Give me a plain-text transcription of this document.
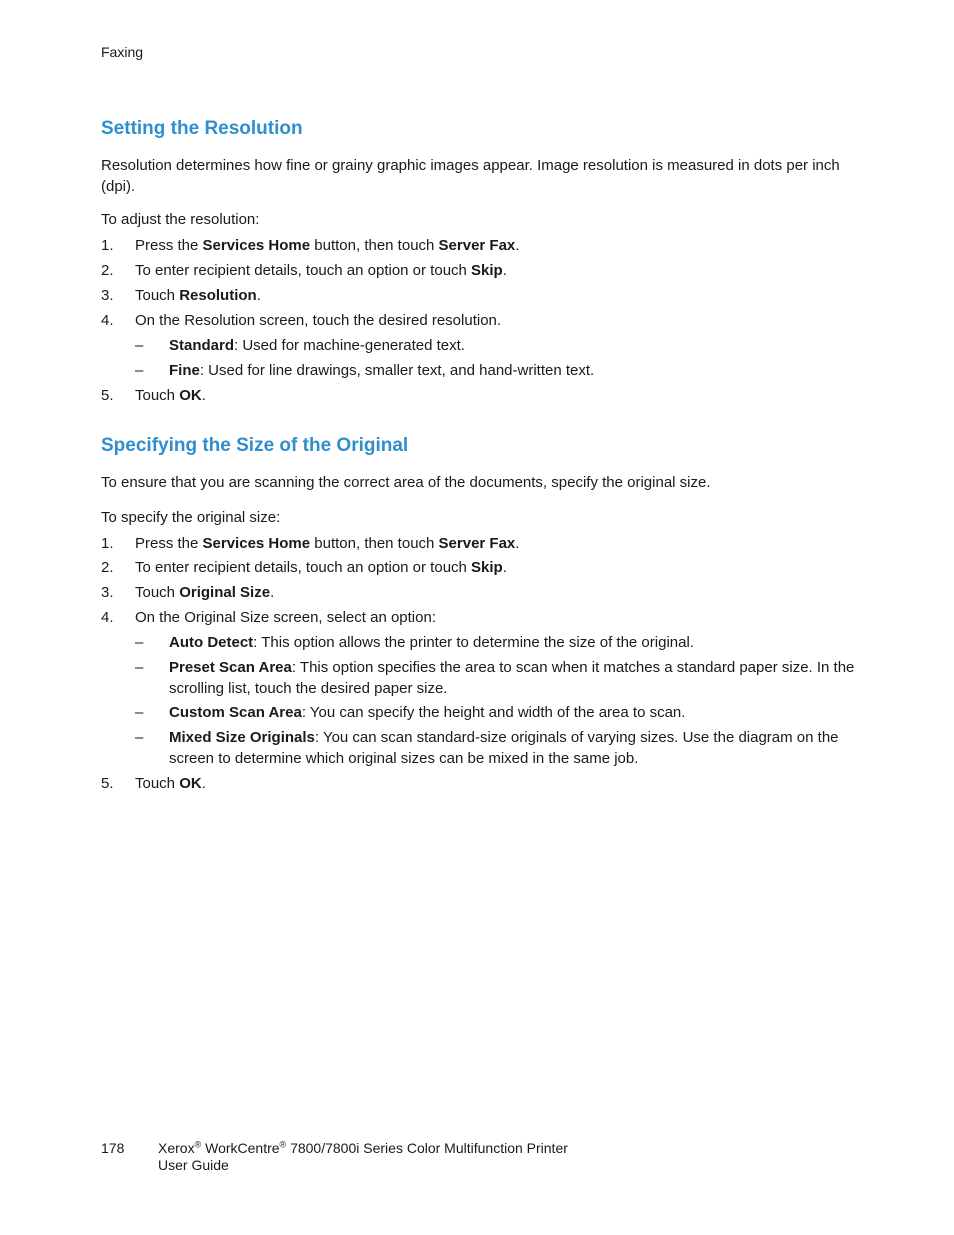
Faxing
Setting the Resolution

Resolution determines how fine or grainy graphic images appear. Image resolution is measured in dots per inch (dpi).

To adjust the resolution:

1. Press the Services Home button, then touch Server Fax.
2. To enter recipient details, touch an option or touch Skip.
3. Touch Resolution.
4. On the Resolution screen, touch the desired resolution.
– Standard: Used for machine-generated text.
– Fine: Used for line drawings, smaller text, and hand-written text.
5. Touch OK.
Specifying the Size of the Original

To ensure that you are scanning the correct area of the documents, specify the original size.

To specify the original size:

1. Press the Services Home button, then touch Server Fax.
2. To enter recipient details, touch an option or touch Skip.
3. Touch Original Size.
4. On the Original Size screen, select an option:
– Auto Detect: This option allows the printer to determine the size of the original.
– Preset Scan Area: This option specifies the area to scan when it matches a standard paper size. In the scrolling list, touch the desired paper size.
– Custom Scan Area: You can specify the height and width of the area to scan.
– Mixed Size Originals: You can scan standard-size originals of varying sizes. Use the diagram on the screen to determine which original sizes can be mixed in the same job.
5. Touch OK.
178 Xerox® WorkCentre® 7800/7800i Series Color Multifunction Printer
User Guide
